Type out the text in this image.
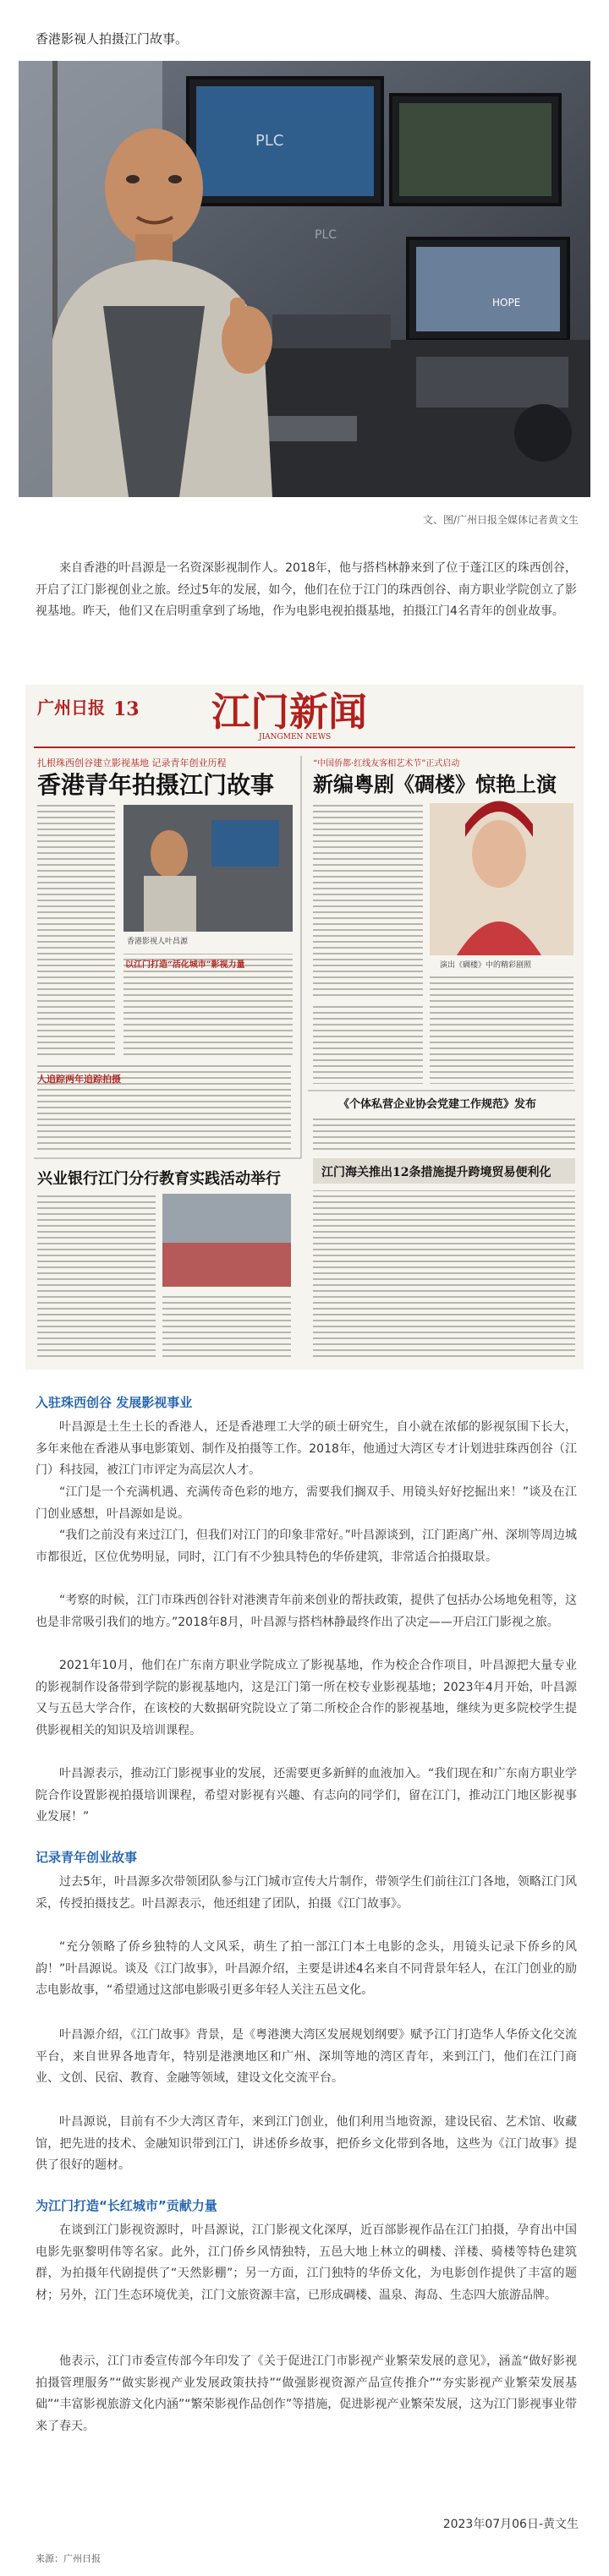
香港影视人拍摄江门故事。

PLC
PLC
HOPE
文、图/广州日报全媒体记者黄文生

来自香港的叶昌源是一名资深影视制作人。2018年，他与搭档林静来到了位于蓬江区的珠西创谷，开启了江门影视创业之旅。经过5年的发展，如今，他们在位于江门的珠西创谷、南方职业学院创立了影视基地。昨天，他们又在启明重拿到了场地，作为电影电视拍摄基地，拍摄江门4名青年的创业故事。

广州日报 13 江门新闻
JIANGMEN NEWS
扎根珠西创谷建立影视基地 记录青年创业历程
香港青年拍摄江门故事
香港影视人叶昌源
人追踪两年追踪拍摄
以江门打造“活化城市”影视力量
“中国侨都·红线友客相艺术节”正式启动
新编粤剧《碉楼》惊艳上演
演出《碉楼》中的精彩剧照
《个体私营企业协会党建工作规范》发布
江门海关推出12条措施提升跨境贸易便利化
兴业银行江门分行教育实践活动举行
入驻珠西创谷 发展影视事业

叶昌源是土生土长的香港人，还是香港理工大学的硕士研究生，自小就在浓郁的影视氛围下长大，多年来他在香港从事电影策划、制作及拍摄等工作。2018年，他通过大湾区专才计划进驻珠西创谷（江门）科技园，被江门市评定为高层次人才。

“江门是一个充满机遇、充满传奇色彩的地方，需要我们搁双手、用镜头好好挖掘出来！”谈及在江门创业感想，叶昌源如是说。

“我们之前没有来过江门，但我们对江门的印象非常好。”叶昌源谈到，江门距离广州、深圳等周边城市都很近，区位优势明显，同时，江门有不少独具特色的华侨建筑，非常适合拍摄取景。

“考察的时候，江门市珠西创谷针对港澳青年前来创业的帮扶政策，提供了包括办公场地免租等，这也是非常吸引我们的地方。”2018年8月，叶昌源与搭档林静最终作出了决定——开启江门影视之旅。

2021年10月，他们在广东南方职业学院成立了影视基地，作为校企合作项目，叶昌源把大量专业的影视制作设备带到学院的影视基地内，这是江门第一所在校专业影视基地；2023年4月开始，叶昌源又与五邑大学合作，在该校的大数据研究院设立了第二所校企合作的影视基地，继续为更多院校学生提供影视相关的知识及培训课程。

叶昌源表示，推动江门影视事业的发展，还需要更多新鲜的血液加入。“我们现在和广东南方职业学院合作设置影视拍摄培训课程，希望对影视有兴趣、有志向的同学们，留在江门，推动江门地区影视事业发展！”

记录青年创业故事

过去5年，叶昌源多次带领团队参与江门城市宣传大片制作，带领学生们前往江门各地，领略江门风采，传授拍摄技艺。叶昌源表示，他还组建了团队，拍摄《江门故事》。

“充分领略了侨乡独特的人文风采，萌生了拍一部江门本土电影的念头，用镜头记录下侨乡的风韵！”叶昌源说。谈及《江门故事》，叶昌源介绍，主要是讲述4名来自不同背景年轻人，在江门创业的励志电影故事，“希望通过这部电影吸引更多年轻人关注五邑文化。

叶昌源介绍，《江门故事》背景，是《粤港澳大湾区发展规划纲要》赋予江门打造华人华侨文化交流平台，来自世界各地青年，特别是港澳地区和广州、深圳等地的湾区青年，来到江门，他们在江门商业、文创、民宿、教育、金融等领域，建设文化交流平台。

叶昌源说，目前有不少大湾区青年，来到江门创业，他们利用当地资源，建设民宿、艺术馆、收藏馆，把先进的技术、金融知识带到江门，讲述侨乡故事，把侨乡文化带到各地，这些为《江门故事》提供了很好的题材。

为江门打造“长红城市”贡献力量

在谈到江门影视资源时，叶昌源说，江门影视文化深厚，近百部影视作品在江门拍摄，孕育出中国电影先驱黎明伟等名家。此外，江门侨乡风情独特，五邑大地上林立的碉楼、洋楼、骑楼等特色建筑群，为拍摄年代剧提供了“天然影棚”；另一方面，江门独特的华侨文化，为电影创作提供了丰富的题材；另外，江门生态环境优美，江门文旅资源丰富，已形成碉楼、温泉、海岛、生态四大旅游品牌。

他表示，江门市委宣传部今年印发了《关于促进江门市影视产业繁荣发展的意见》，涵盖“做好影视拍摄管理服务”“做实影视产业发展政策扶持”“做强影视资源产品宣传推介”“夯实影视产业繁荣发展基础”“丰富影视旅游文化内涵”“繁荣影视作品创作”等措施，促进影视产业繁荣发展，这为江门影视事业带来了春天。

2023年07月06日-黄文生
来源：广州日报
